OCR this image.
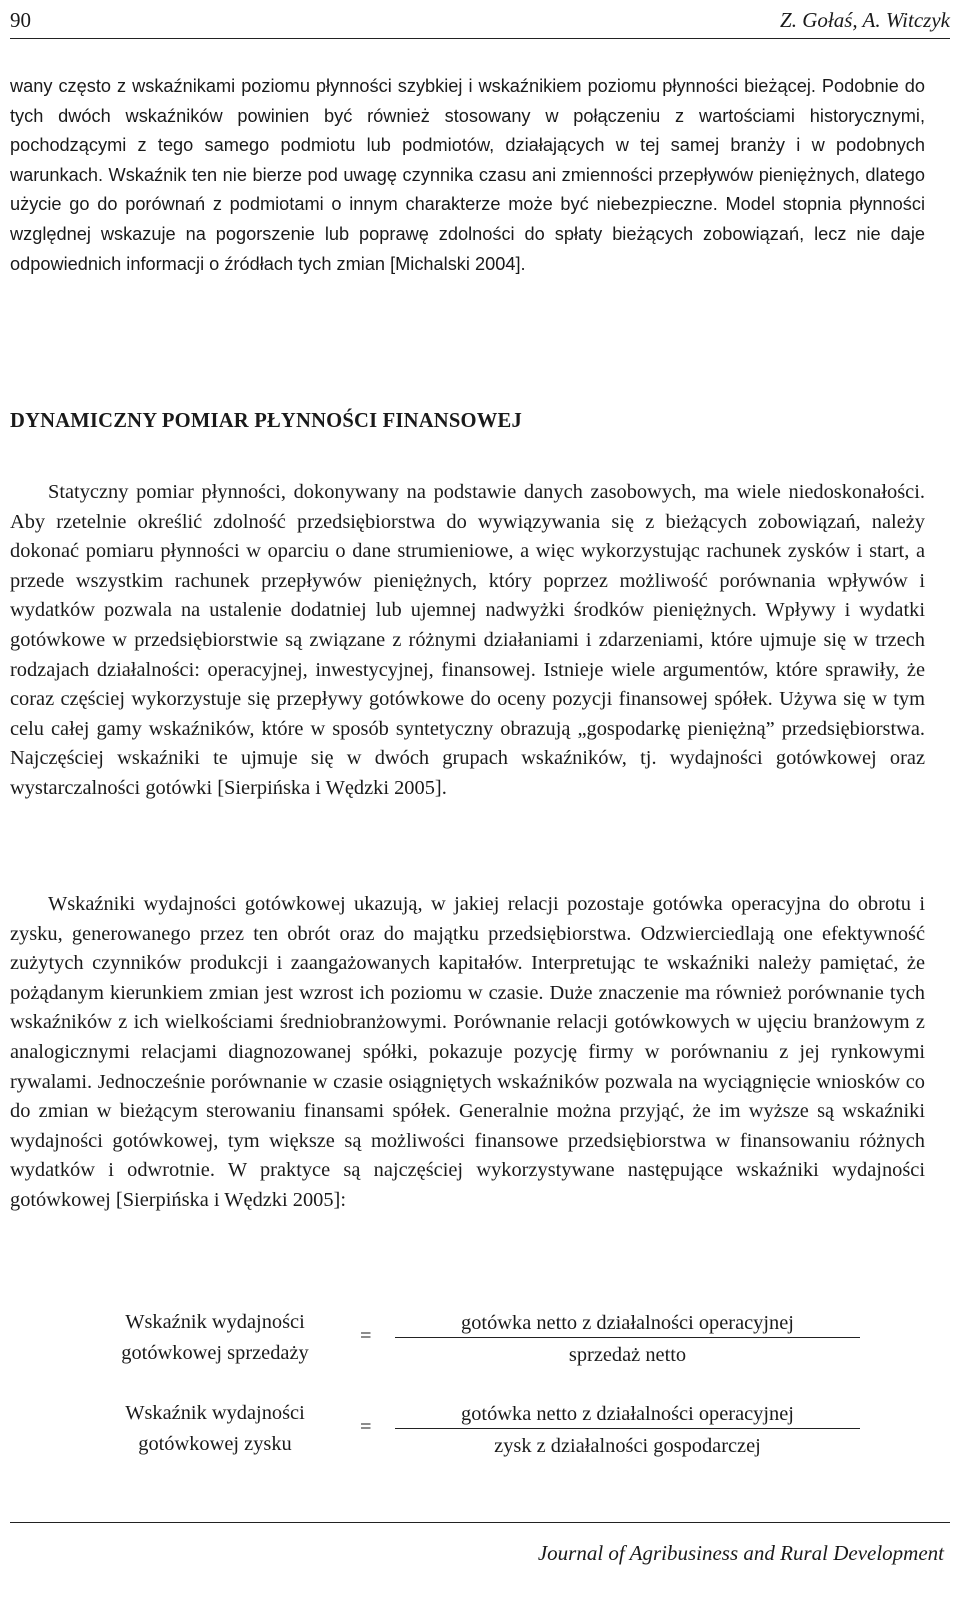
90	Z. Gołaś, A. Witczyk

wany często z wskaźnikami poziomu płynności szybkiej i wskaźnikiem poziomu płynności bieżącej. Podobnie do tych dwóch wskaźników powinien być również stosowany w połączeniu z wartościami historycznymi, pochodzącymi z tego samego podmiotu lub podmiotów, działających w tej samej branży i w podobnych warunkach. Wskaźnik ten nie bierze pod uwagę czynnika czasu ani zmienności przepływów pieniężnych, dlatego użycie go do porównań z podmiotami o innym charakterze może być niebezpieczne. Model stopnia płynności względnej wskazuje na pogorszenie lub poprawę zdolności do spłaty bieżących zobowiązań, lecz nie daje odpowiednich informacji o źródłach tych zmian [Michalski 2004].

DYNAMICZNY POMIAR PŁYNNOŚCI FINANSOWEJ

Statyczny pomiar płynności, dokonywany na podstawie danych zasobowych, ma wiele niedoskonałości. Aby rzetelnie określić zdolność przedsiębiorstwa do wywiązywania się z bieżących zobowiązań, należy dokonać pomiaru płynności w oparciu o dane strumieniowe, a więc wykorzystując rachunek zysków i start, a przede wszystkim rachunek przepływów pieniężnych, który poprzez możliwość porównania wpływów i wydatków pozwala na ustalenie dodatniej lub ujemnej nadwyżki środków pieniężnych. Wpływy i wydatki gotówkowe w przedsiębiorstwie są związane z różnymi działaniami i zdarzeniami, które ujmuje się w trzech rodzajach działalności: operacyjnej, inwestycyjnej, finansowej. Istnieje wiele argumentów, które sprawiły, że coraz częściej wykorzystuje się przepływy gotówkowe do oceny pozycji finansowej spółek. Używa się w tym celu całej gamy wskaźników, które w sposób syntetyczny obrazują „gospodarkę pieniężną” przedsiębiorstwa. Najczęściej wskaźniki te ujmuje się w dwóch grupach wskaźników, tj. wydajności gotówkowej oraz wystarczalności gotówki [Sierpińska i Wędzki 2005].

Wskaźniki wydajności gotówkowej ukazują, w jakiej relacji pozostaje gotówka operacyjna do obrotu i zysku, generowanego przez ten obrót oraz do majątku przedsiębiorstwa. Odzwierciedlają one efektywność zużytych czynników produkcji i zaangażowanych kapitałów. Interpretując te wskaźniki należy pamiętać, że pożądanym kierunkiem zmian jest wzrost ich poziomu w czasie. Duże znaczenie ma również porównanie tych wskaźników z ich wielkościami średniobranżowymi. Porównanie relacji gotówkowych w ujęciu branżowym z analogicznymi relacjami diagnozowanej spółki, pokazuje pozycję firmy w porównaniu z jej rynkowymi rywalami. Jednocześnie porównanie w czasie osiągniętych wskaźników pozwala na wyciągnięcie wniosków co do zmian w bieżącym sterowaniu finansami spółek. Generalnie można przyjąć, że im wyższe są wskaźniki wydajności gotówkowej, tym większe są możliwości finansowe przedsiębiorstwa w finansowaniu różnych wydatków i odwrotnie. W praktyce są najczęściej wykorzystywane następujące wskaźniki wydajności gotówkowej [Sierpińska i Wędzki 2005]:

Wskaźnik wydajności
gotówkowej sprzedaży
=
gotówka netto z działalności operacyjnej
sprzedaż netto
Wskaźnik wydajności
gotówkowej zysku
=
gotówka netto z działalności operacyjnej
zysk z działalności gospodarczej
Journal of Agribusiness and Rural Development
